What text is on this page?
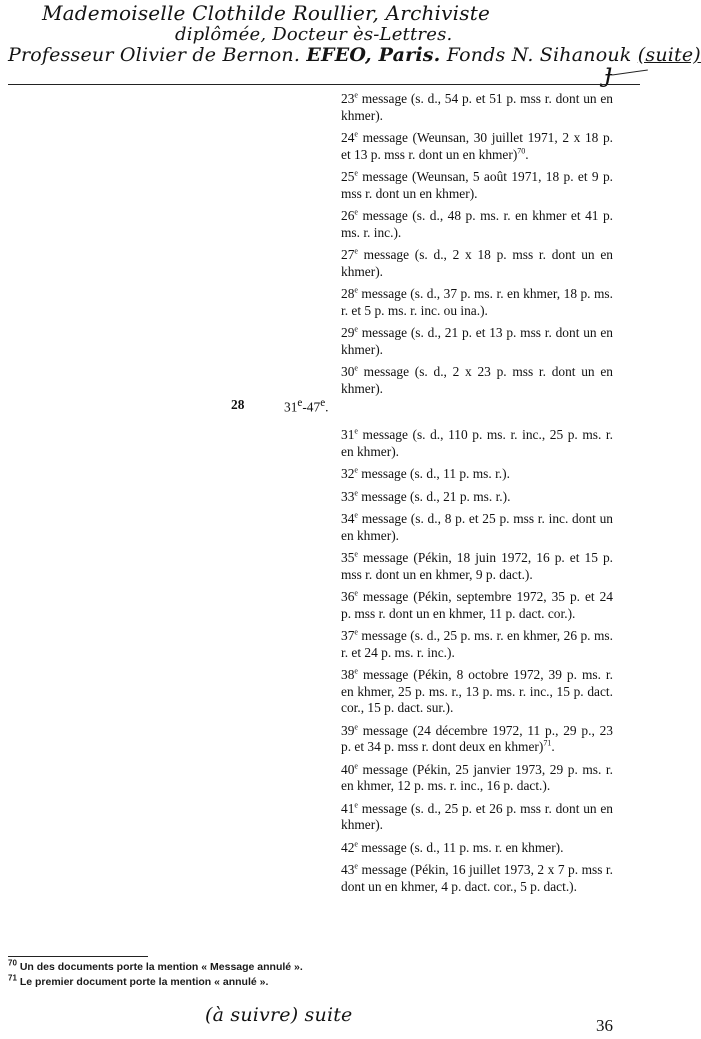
Mademoiselle Clothilde Roullier, Archiviste
diplômée, Docteur ès-Lettres.
Professeur Olivier de Bernon. EFEO, Paris. Fonds N. Sihanouk (suite)
ɟ
28	31e-47e.
23e message (s. d., 54 p. et 51 p. mss r. dont un en khmer).
24e message (Weunsan, 30 juillet 1971, 2 x 18 p. et 13 p. mss r. dont un en khmer)$^{70}$.
25e message (Weunsan, 5 août 1971, 18 p. et 9 p. mss r. dont un en khmer).
26e message (s. d., 48 p. ms. r. en khmer et 41 p. ms. r. inc.).
27e message (s. d., 2 x 18 p. mss r. dont un en khmer).
28e message (s. d., 37 p. ms. r. en khmer, 18 p. ms. r. et 5 p. ms. r. inc. ou ina.).
29e message (s. d., 21 p. et 13 p. mss r. dont un en khmer).
30e message (s. d., 2 x 23 p. mss r. dont un en khmer).
31e message (s. d., 110 p. ms. r. inc., 25 p. ms. r. en khmer).
32e message (s. d., 11 p. ms. r.).
33e message (s. d., 21 p. ms. r.).
34e message (s. d., 8 p. et 25 p. mss r. inc. dont un en khmer).
35e message (Pékin, 18 juin 1972, 16 p. et 15 p. mss r. dont un en khmer, 9 p. dact.).
36e message (Pékin, septembre 1972, 35 p. et 24 p. mss r. dont un en khmer, 11 p. dact. cor.).
37e message (s. d., 25 p. ms. r. en khmer, 26 p. ms. r. et 24 p. ms. r. inc.).
38e message (Pékin, 8 octobre 1972, 39 p. ms. r. en khmer, 25 p. ms. r., 13 p. ms. r. inc., 15 p. dact. cor., 15 p. dact. sur.).
39e message (24 décembre 1972, 11 p., 29 p., 23 p. et 34 p. mss r. dont deux en khmer)$^{71}$.
40e message (Pékin, 25 janvier 1973, 29 p. ms. r. en khmer, 12 p. ms. r. inc., 16 p. dact.).
41e message (s. d., 25 p. et 26 p. mss r. dont un en khmer).
42e message (s. d., 11 p. ms. r. en khmer).
43e message (Pékin, 16 juillet 1973, 2 x 7 p. mss r. dont un en khmer, 4 p. dact. cor., 5 p. dact.).
$^{70}$ Un des documents porte la mention « Message annulé ».
$^{71}$ Le premier document porte la mention « annulé ».
(à suivre) suite	36
